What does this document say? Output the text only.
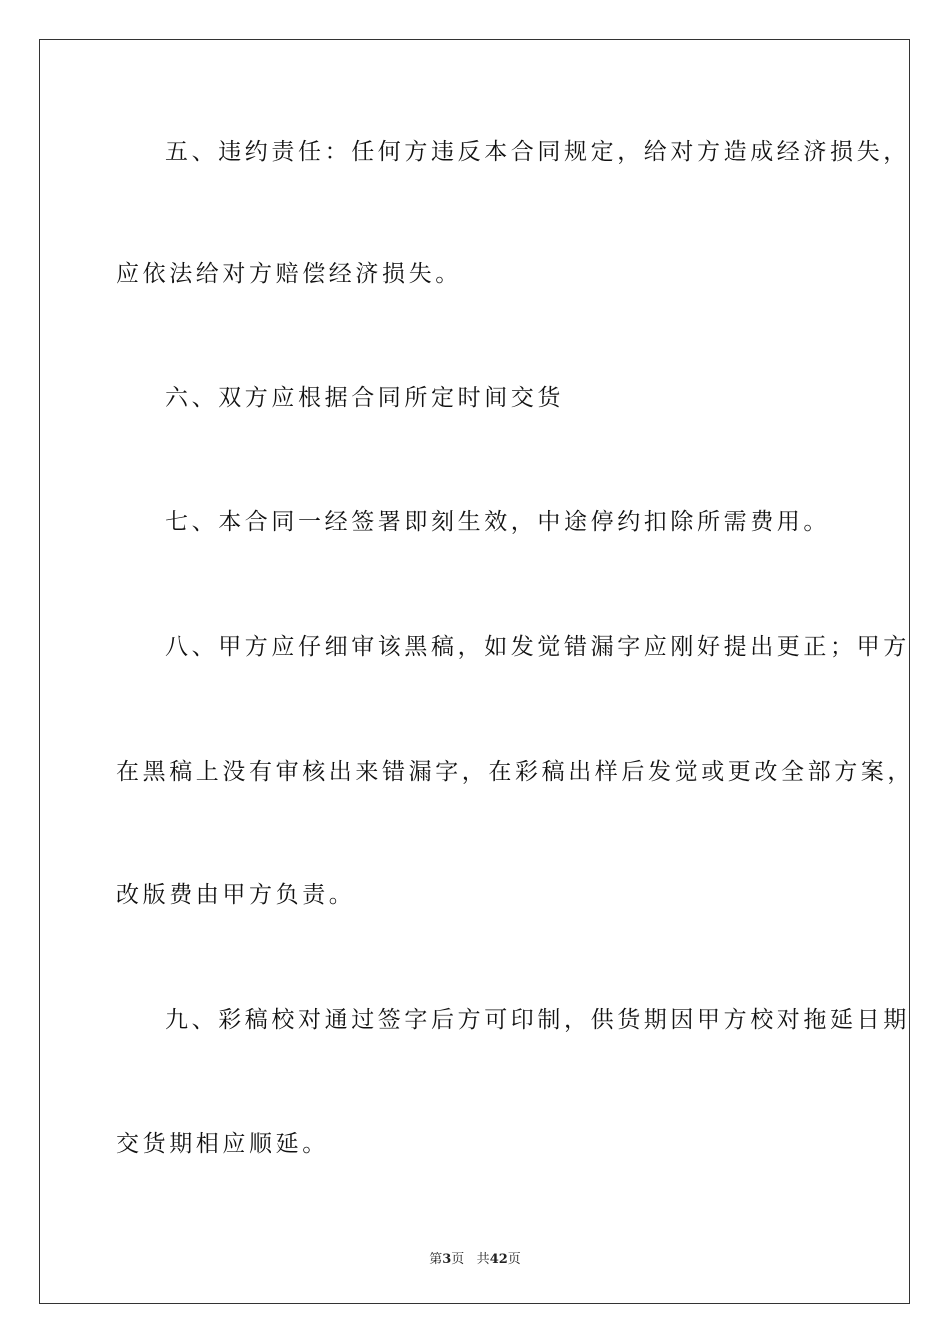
五、违约责任：任何方违反本合同规定，给对方造成经济损失，
应依法给对方赔偿经济损失。
六、双方应根据合同所定时间交货
七、本合同一经签署即刻生效，中途停约扣除所需费用。
八、甲方应仔细审该黑稿，如发觉错漏字应刚好提出更正；甲方
在黑稿上没有审核出来错漏字，在彩稿出样后发觉或更改全部方案，
改版费由甲方负责。
九、彩稿校对通过签字后方可印制，供货期因甲方校对拖延日期
交货期相应顺延。
第3页 共42页
